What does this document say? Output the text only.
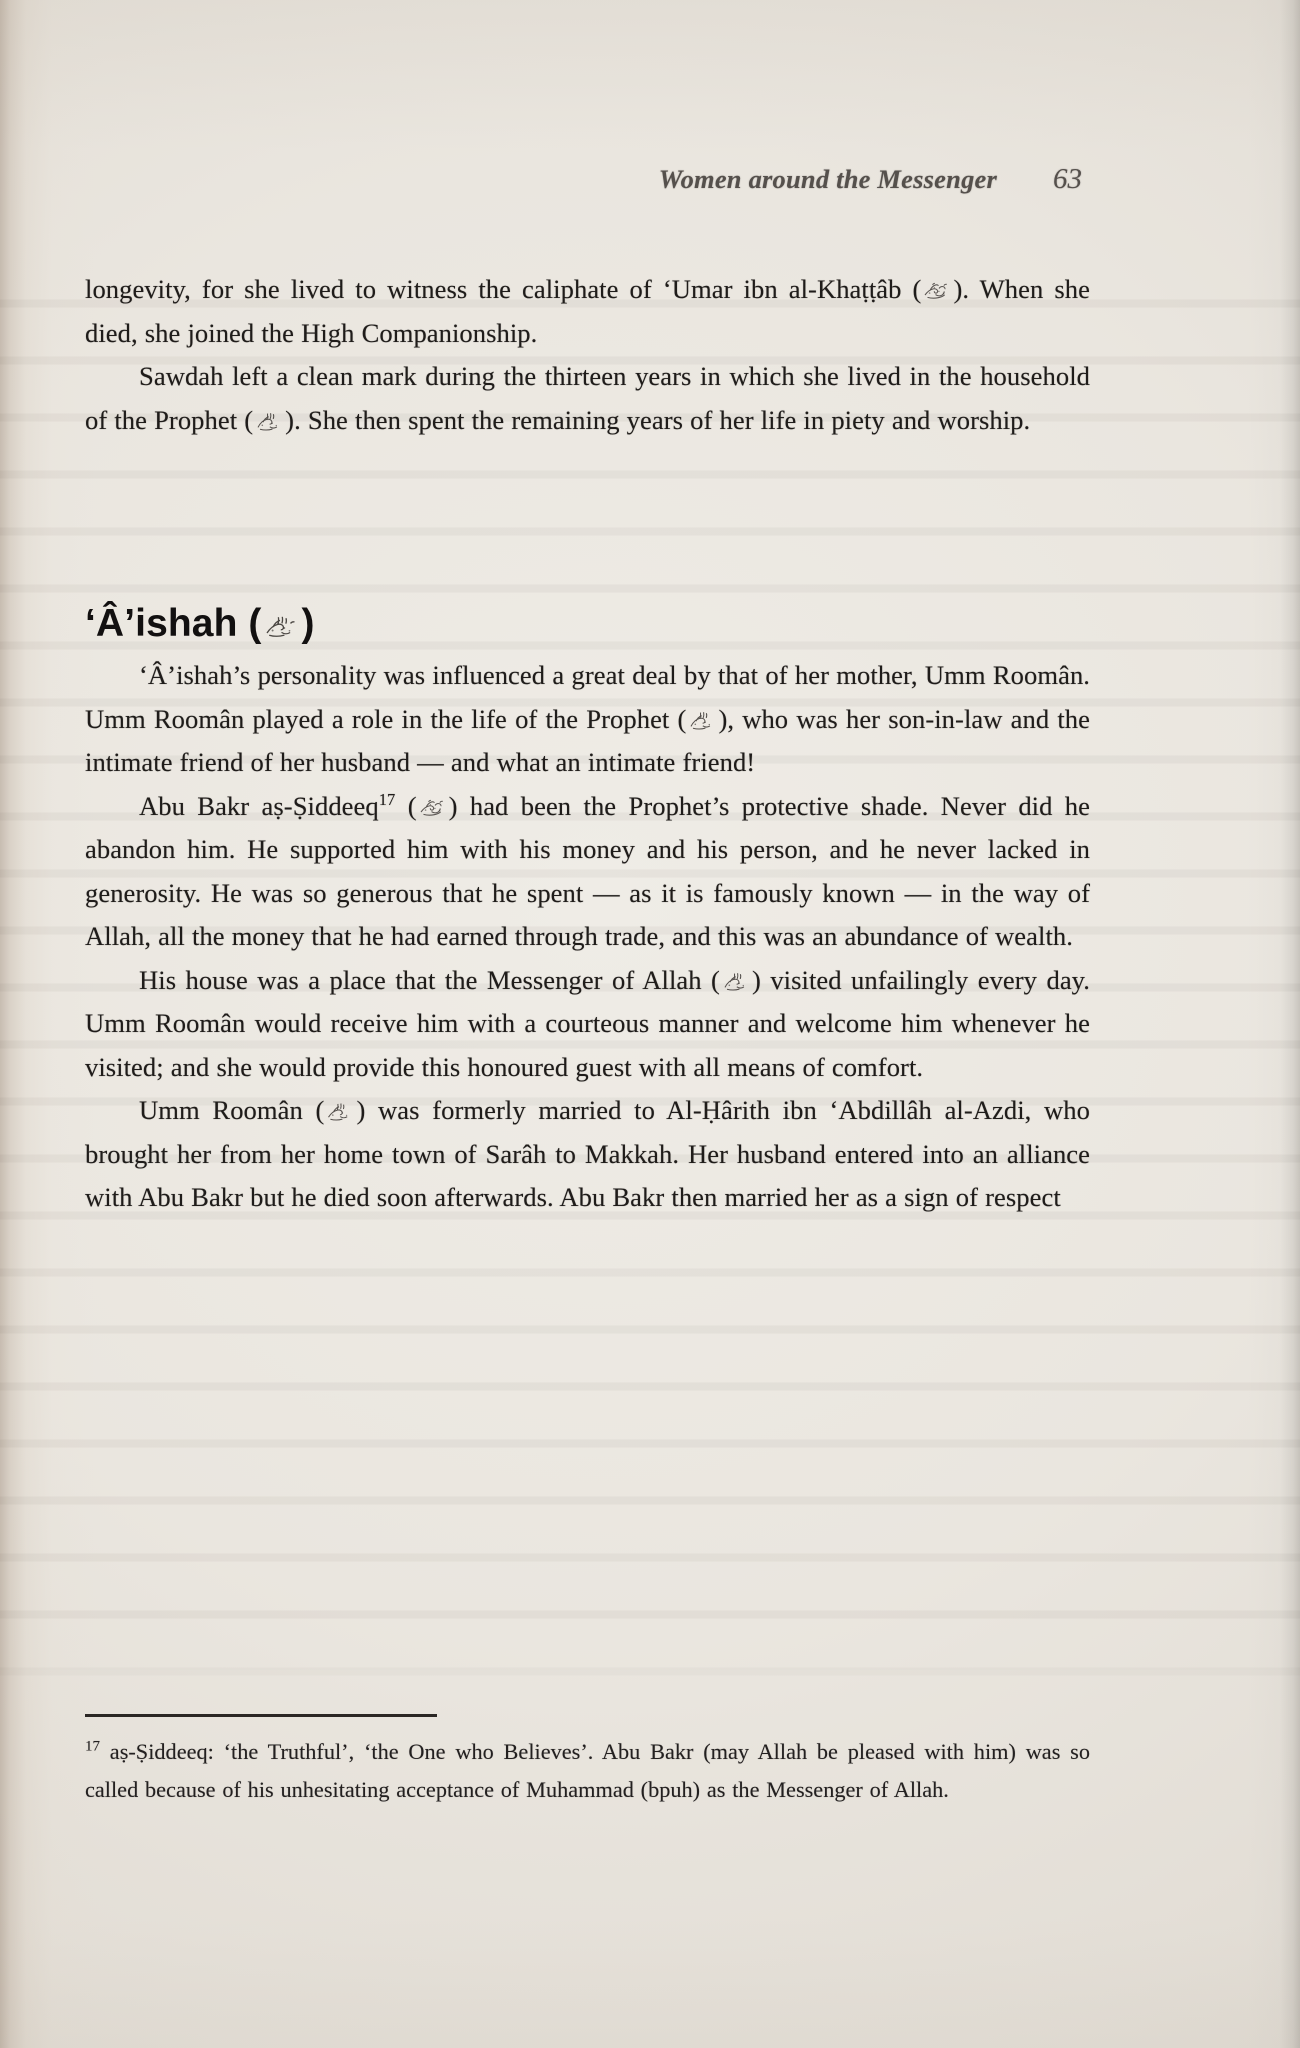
Women around the Messenger 63

longevity, for she lived to witness the caliphate of ‘Umar ibn al-Khaṭṭâb ( ). When she died, she joined the High Companionship.

Sawdah left a clean mark during the thirteen years in which she lived in the household of the Prophet ( ). She then spent the remaining years of her life in piety and worship.

‘Â’ishah ( )

‘Â’ishah’s personality was influenced a great deal by that of her mother, Umm Roomân. Umm Roomân played a role in the life of the Prophet ( ), who was her son-in-law and the intimate friend of her husband — and what an intimate friend!

Abu Bakr aṣ-Ṣiddeeq$^{17}$ ( ) had been the Prophet’s protective shade. Never did he abandon him. He supported him with his money and his person, and he never lacked in generosity. He was so generous that he spent — as it is famously known — in the way of Allah, all the money that he had earned through trade, and this was an abundance of wealth.

His house was a place that the Messenger of Allah ( ) visited unfailingly every day. Umm Roomân would receive him with a courteous manner and welcome him whenever he visited; and she would provide this honoured guest with all means of comfort.

Umm Roomân ( ) was formerly married to Al-Ḥârith ibn ‘Abdillâh al-Azdi, who brought her from her home town of Sarâh to Makkah. Her husband entered into an alliance with Abu Bakr but he died soon afterwards. Abu Bakr then married her as a sign of respect

$^{17}$ aṣ-Ṣiddeeq: ‘the Truthful’, ‘the One who Believes’. Abu Bakr (may Allah be pleased with him) was so called because of his unhesitating acceptance of Muhammad (bpuh) as the Messenger of Allah.
